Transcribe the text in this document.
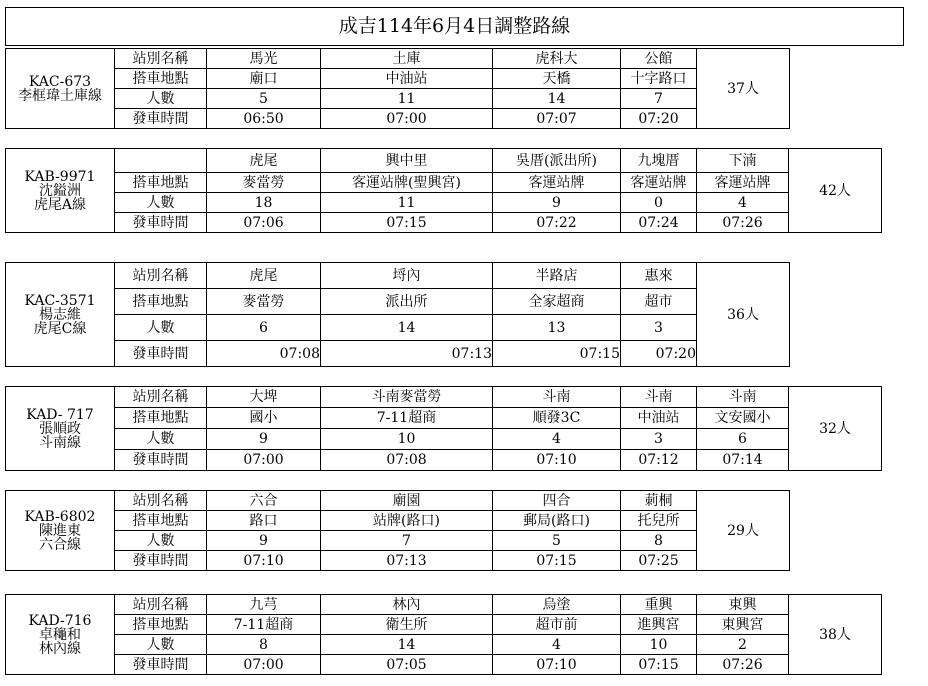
成吉114年6月4日調整路線
KAC-673
李框瑋土庫線	站別名稱	馬光	土庫	虎科大	公館	37人
	搭車地點	廟口	中油站	天橋	十字路口	
	人數	5	11	14	7	
	發車時間	06:50	07:00	07:07	07:20	
KAB-9971
沈鎰洲
虎尾A線		虎尾	興中里	吳厝(派出所)	九塊厝	下湳	42人
	搭車地點	麥當勞	客運站牌(聖興宮)	客運站牌	客運站牌	客運站牌	
	人數	18	11	9	0	4	
	發車時間	07:06	07:15	07:22	07:24	07:26	
KAC-3571
楊志維
虎尾C線	站別名稱	虎尾	埒內	半路店	惠來	36人
	搭車地點	麥當勞	派出所	全家超商	超市	
	人數	6	14	13	3	
	發車時間	07:08	07:13	07:15	07:20	
KAD- 717
張順政
斗南線	站別名稱	大埤	斗南麥當勞	斗南	斗南	斗南	32人
	搭車地點	國小	7-11超商	順發3C	中油站	文安國小	
	人數	9	10	4	3	6	
	發車時間	07:00	07:08	07:10	07:12	07:14	
KAB-6802
陳進東
六合線	站別名稱	六合	廟園	四合	莿桐	29人
	搭車地點	路口	站牌(路口)	郵局(路口)	托兒所	
	人數	9	7	5	8	
	發車時間	07:10	07:13	07:15	07:25	
KAD-716
卓龝和
林內線	站別名稱	九芎	林內	烏塗	重興	東興	38人
	搭車地點	7-11超商	衛生所	超市前	進興宮	東興宮	
	人數	8	14	4	10	2	
	發車時間	07:00	07:05	07:10	07:15	07:26	
